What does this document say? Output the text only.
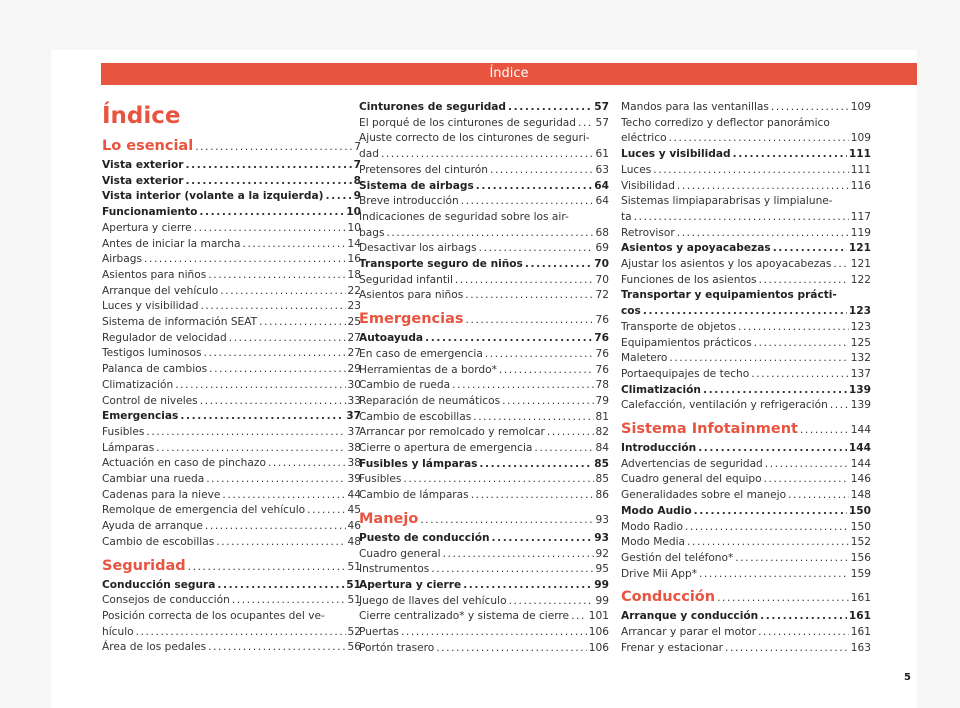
Índice
Índice
Lo esencial .....	7
Vista exterior .....	7
Vista exterior .....	8
Vista interior (volante a la izquierda) .....	9
Funcionamiento .....	10
Apertura y cierre .....	10
Antes de iniciar la marcha .....	14
Airbags .....	16
Asientos para niños .....	18
Arranque del vehículo .....	22
Luces y visibilidad .....	23
Sistema de información SEAT .....	25
Regulador de velocidad .....	27
Testigos luminosos .....	27
Palanca de cambios .....	29
Climatización .....	30
Control de niveles .....	33
Emergencias .....	37
Fusibles .....	37
Lámparas .....	38
Actuación en caso de pinchazo .....	38
Cambiar una rueda .....	39
Cadenas para la nieve .....	44
Remolque de emergencia del vehículo .....	45
Ayuda de arranque .....	46
Cambio de escobillas .....	48
Seguridad .....	51
Conducción segura .....	51
Consejos de conducción .....	51
Posición correcta de los ocupantes del ve-
hículo .....	52
Área de los pedales .....	56
Cinturones de seguridad .....	57
El porqué de los cinturones de seguridad ..... 57
Ajuste correcto de los cinturones de seguri-
dad .....	61
Pretensores del cinturón .....	63
Sistema de airbags .....	64
Breve introducción .....	64
Indicaciones de seguridad sobre los air-
bags .....	68
Desactivar los airbags .....	69
Transporte seguro de niños .....	70
Seguridad infantil .....	70
Asientos para niños .....	72
Emergencias .....	76
Autoayuda .....	76
En caso de emergencia .....	76
Herramientas de a bordo* .....	76
Cambio de rueda .....	78
Reparación de neumáticos .....	79
Cambio de escobillas .....	81
Arrancar por remolcado y remolcar .....	82
Cierre o apertura de emergencia .....	84
Fusibles y lámparas .....	85
Fusibles .....	85
Cambio de lámparas .....	86
Manejo .....	93
Puesto de conducción .....	93
Cuadro general .....	92
Instrumentos .....	95
Apertura y cierre .....	99
Juego de llaves del vehículo .....	99
Cierre centralizado* y sistema de cierre ..... 101
Puertas .....	106
Portón trasero .....	106
Mandos para las ventanillas .....	109
Techo corredizo y deflector panorámico
eléctrico .....	109
Luces y visibilidad .....	111
Luces .....	111
Visibilidad .....	116
Sistemas limpiaparabrisas y limpialune-
ta .....	117
Retrovisor .....	119
Asientos y apoyacabezas .....	121
Ajustar los asientos y los apoyacabezas ..... 121
Funciones de los asientos .....	122
Transportar y equipamientos prácti-
cos .....	123
Transporte de objetos .....	123
Equipamientos prácticos .....	125
Maletero .....	132
Portaequipajes de techo .....	137
Climatización .....	139
Calefacción, ventilación y refrigeración ..... 139
Sistema Infotainment .....	144
Introducción .....	144
Advertencias de seguridad .....	144
Cuadro general del equipo .....	146
Generalidades sobre el manejo .....	148
Modo Audio .....	150
Modo Radio .....	150
Modo Media .....	152
Gestión del teléfono* .....	156
Drive Mii App* .....	159
Conducción .....	161
Arranque y conducción .....	161
Arrancar y parar el motor .....	161
Frenar y estacionar .....	163
5
